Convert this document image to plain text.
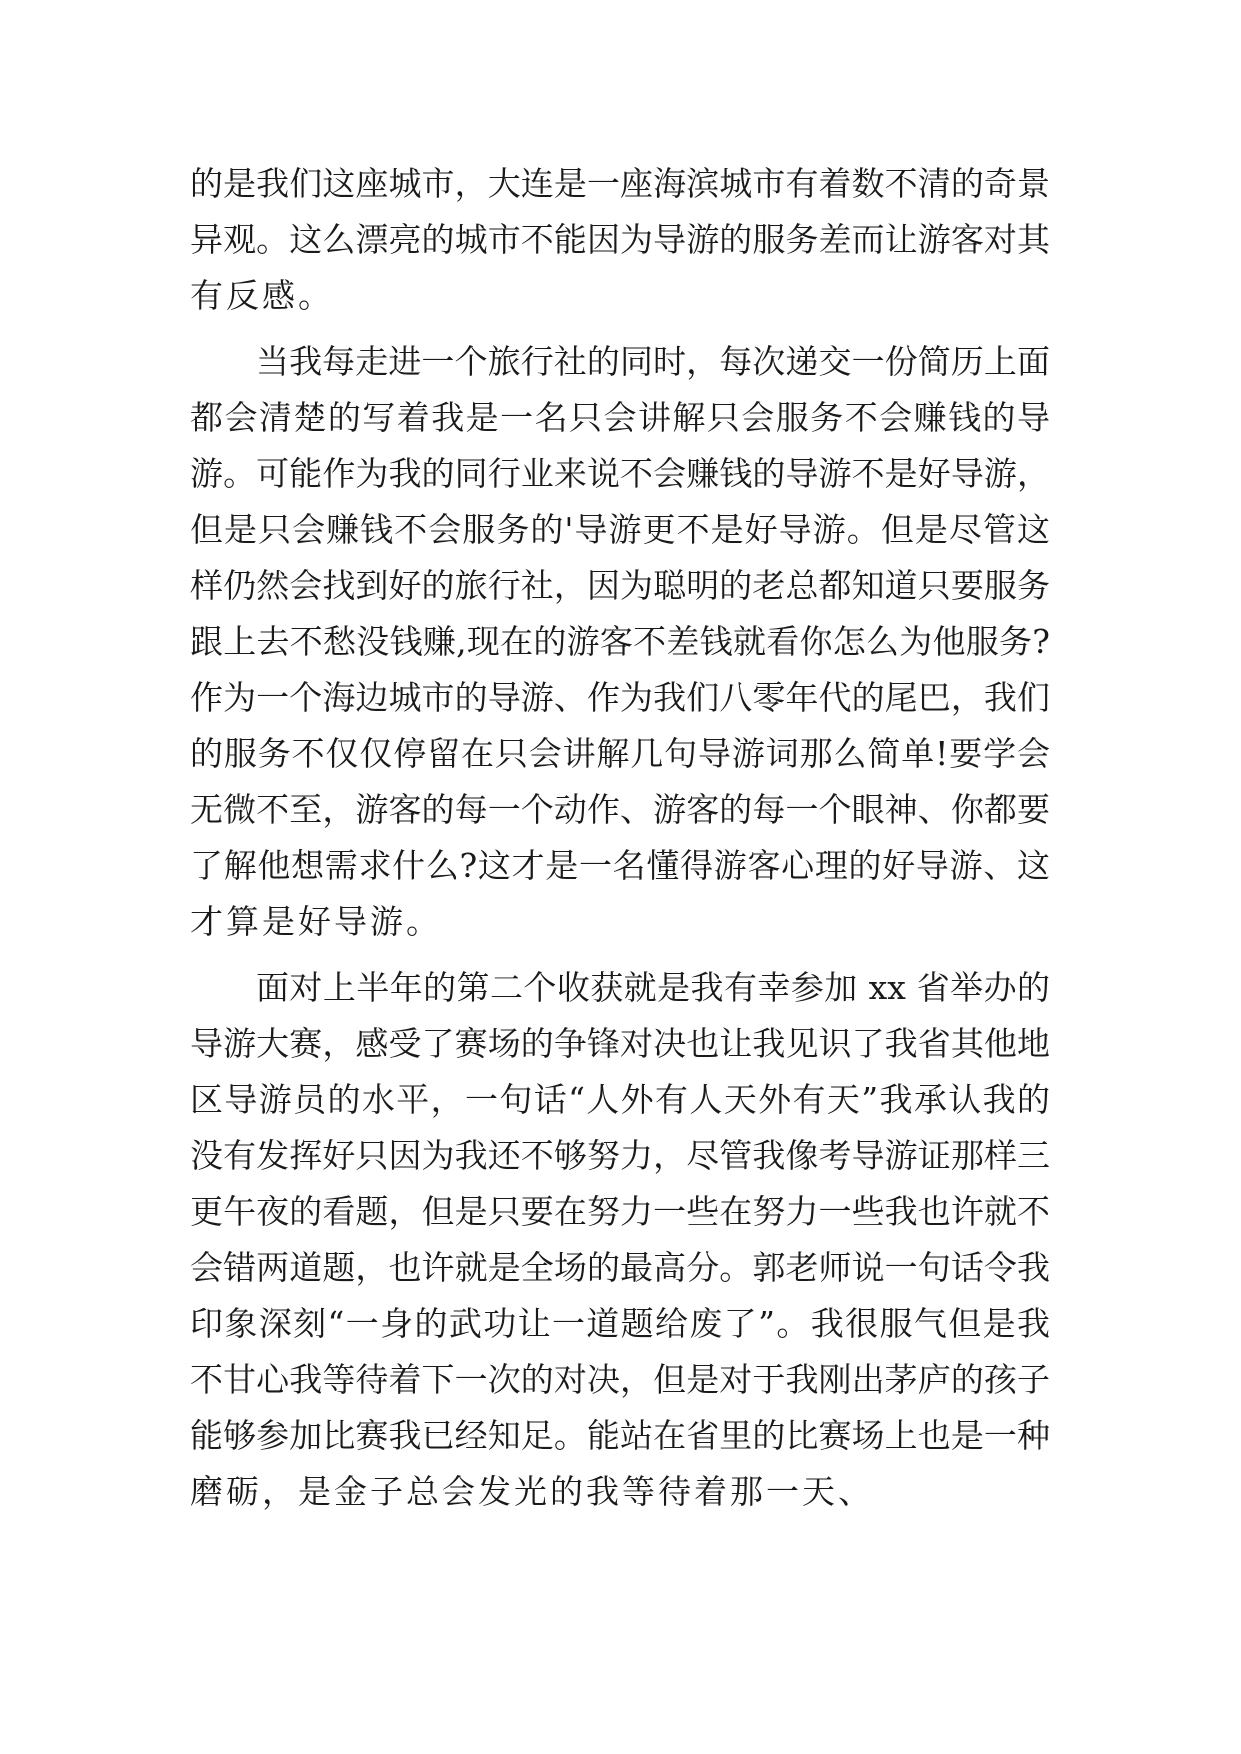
的是我们这座城市，大连是一座海滨城市有着数不清的奇景
异观。这么漂亮的城市不能因为导游的服务差而让游客对其
有反感。
当我每走进一个旅行社的同时，每次递交一份简历上面
都会清楚的写着我是一名只会讲解只会服务不会赚钱的导
游。可能作为我的同行业来说不会赚钱的导游不是好导游，
但是只会赚钱不会服务的'导游更不是好导游。但是尽管这
样仍然会找到好的旅行社，因为聪明的老总都知道只要服务
跟上去不愁没钱赚,现在的游客不差钱就看你怎么为他服务?
作为一个海边城市的导游、作为我们八零年代的尾巴，我们
的服务不仅仅停留在只会讲解几句导游词那么简单!要学会
无微不至，游客的每一个动作、游客的每一个眼神、你都要
了解他想需求什么?这才是一名懂得游客心理的好导游、这
才算是好导游。
面对上半年的第二个收获就是我有幸参加 xx 省举办的
导游大赛，感受了赛场的争锋对决也让我见识了我省其他地
区导游员的水平，一句话“人外有人天外有天”我承认我的
没有发挥好只因为我还不够努力，尽管我像考导游证那样三
更午夜的看题，但是只要在努力一些在努力一些我也许就不
会错两道题，也许就是全场的最高分。郭老师说一句话令我
印象深刻“一身的武功让一道题给废了”。我很服气但是我
不甘心我等待着下一次的对决，但是对于我刚出茅庐的孩子
能够参加比赛我已经知足。能站在省里的比赛场上也是一种
磨砺，是金子总会发光的我等待着那一天、
